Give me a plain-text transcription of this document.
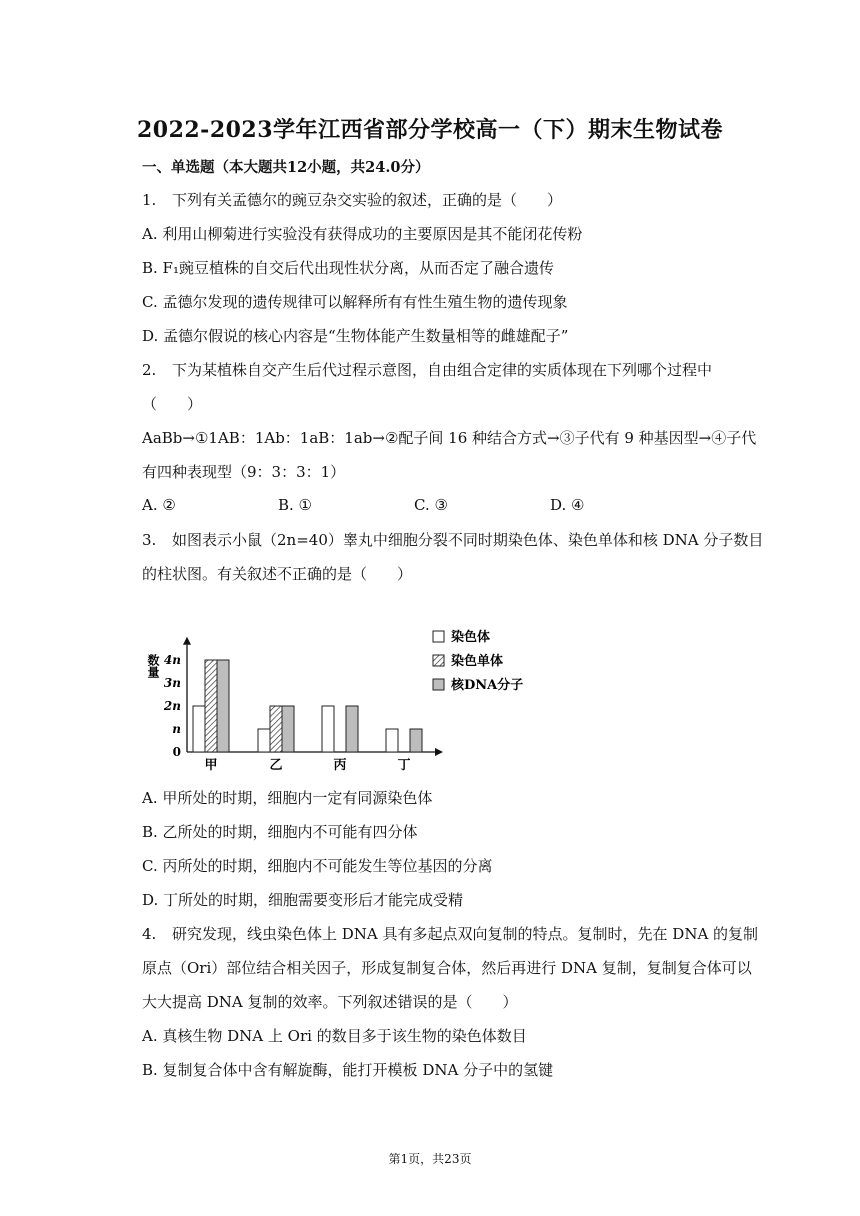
2022-2023学年江西省部分学校高一（下）期末生物试卷
一、单选题（本大题共12小题，共24.0分）
1. 下列有关孟德尔的豌豆杂交实验的叙述，正确的是（　　）
A. 利用山柳菊进行实验没有获得成功的主要原因是其不能闭花传粉
B. F₁豌豆植株的自交后代出现性状分离，从而否定了融合遗传
C. 孟德尔发现的遗传规律可以解释所有有性生殖生物的遗传现象
D. 孟德尔假说的核心内容是“生物体能产生数量相等的雌雄配子”
2. 下为某植株自交产生后代过程示意图，自由组合定律的实质体现在下列哪个过程中
（　　）
AaBb→①1AB：1Ab：1aB：1ab→②配子间 16 种结合方式→③子代有 9 种基因型→④子代
有四种表现型（9：3：3：1）
A. ②	B. ①	C. ③	D. ④
3. 如图表示小鼠（2n=40）睾丸中细胞分裂不同时期染色体、染色单体和核 DNA 分子数目
的柱状图。有关叙述不正确的是（　　）
数量
0
n
2n
3n
4n
甲	乙	丙	丁
染色体
染色单体
核DNA分子
A. 甲所处的时期，细胞内一定有同源染色体
B. 乙所处的时期，细胞内不可能有四分体
C. 丙所处的时期，细胞内不可能发生等位基因的分离
D. 丁所处的时期，细胞需要变形后才能完成受精
4. 研究发现，线虫染色体上 DNA 具有多起点双向复制的特点。复制时，先在 DNA 的复制
原点（Ori）部位结合相关因子，形成复制复合体，然后再进行 DNA 复制，复制复合体可以
大大提高 DNA 复制的效率。下列叙述错误的是（　　）
A. 真核生物 DNA 上 Ori 的数目多于该生物的染色体数目
B. 复制复合体中含有解旋酶，能打开模板 DNA 分子中的氢键
第1页，共23页
